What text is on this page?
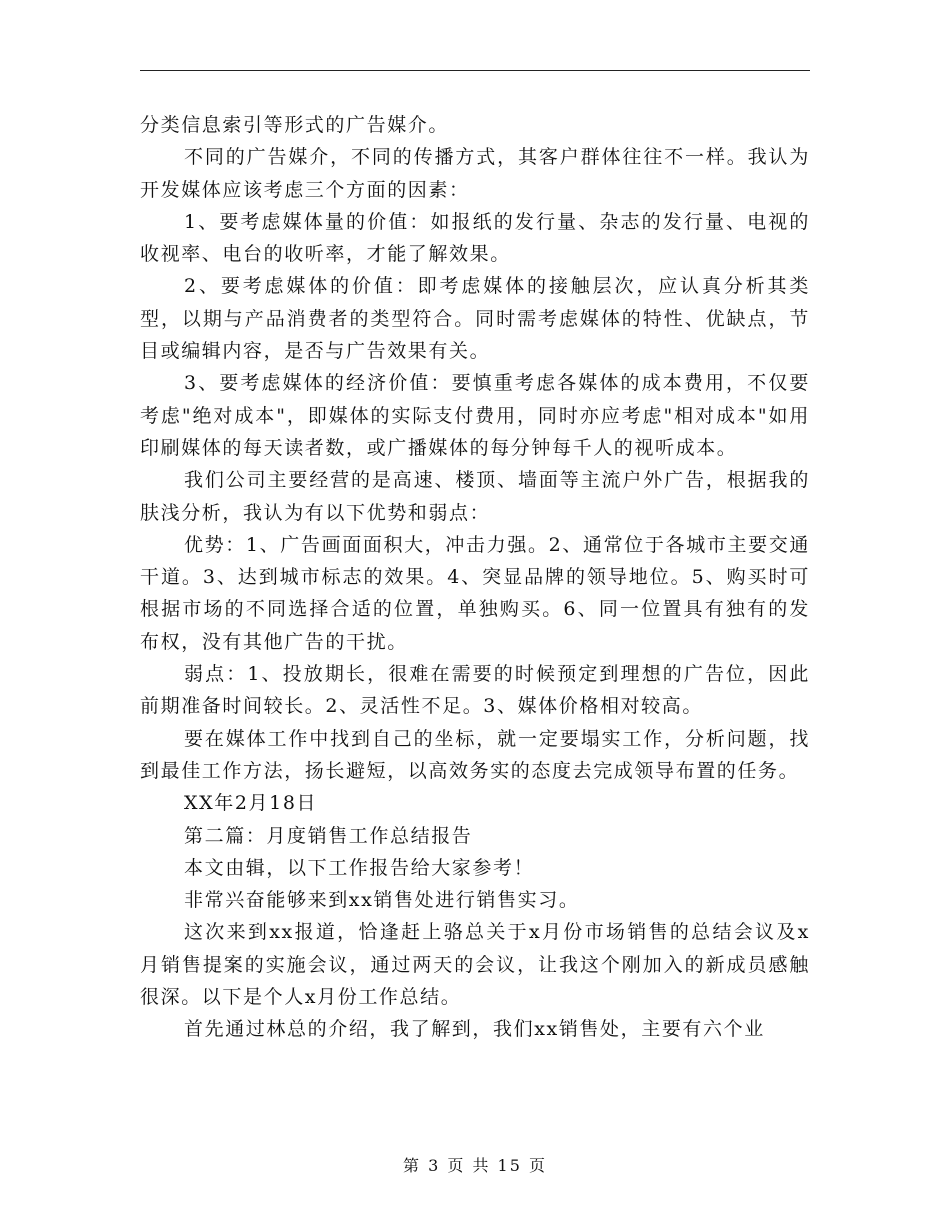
分类信息索引等形式的广告媒介。

不同的广告媒介，不同的传播方式，其客户群体往往不一样。我认为开发媒体应该考虑三个方面的因素：

1、要考虑媒体量的价值：如报纸的发行量、杂志的发行量、电视的收视率、电台的收听率，才能了解效果。

2、要考虑媒体的价值：即考虑媒体的接触层次，应认真分析其类型，以期与产品消费者的类型符合。同时需考虑媒体的特性、优缺点，节目或编辑内容，是否与广告效果有关。

3、要考虑媒体的经济价值：要慎重考虑各媒体的成本费用，不仅要考虑"绝对成本"，即媒体的实际支付费用，同时亦应考虑"相对成本"如用印刷媒体的每天读者数，或广播媒体的每分钟每千人的视听成本。

我们公司主要经营的是高速、楼顶、墙面等主流户外广告，根据我的肤浅分析，我认为有以下优势和弱点：

优势：1、广告画面面积大，冲击力强。2、通常位于各城市主要交通干道。3、达到城市标志的效果。4、突显品牌的领导地位。5、购买时可根据市场的不同选择合适的位置，单独购买。6、同一位置具有独有的发布权，没有其他广告的干扰。

弱点：1、投放期长，很难在需要的时候预定到理想的广告位，因此前期准备时间较长。2、灵活性不足。3、媒体价格相对较高。

要在媒体工作中找到自己的坐标，就一定要塌实工作，分析问题，找到最佳工作方法，扬长避短，以高效务实的态度去完成领导布置的任务。

XX年2月18日

第二篇：月度销售工作总结报告

本文由辑，以下工作报告给大家参考！

非常兴奋能够来到xx销售处进行销售实习。

这次来到xx报道，恰逢赶上骆总关于x月份市场销售的总结会议及x月销售提案的实施会议，通过两天的会议，让我这个刚加入的新成员感触很深。以下是个人x月份工作总结。

首先通过林总的介绍，我了解到，我们xx销售处，主要有六个业

第 3 页 共 15 页
